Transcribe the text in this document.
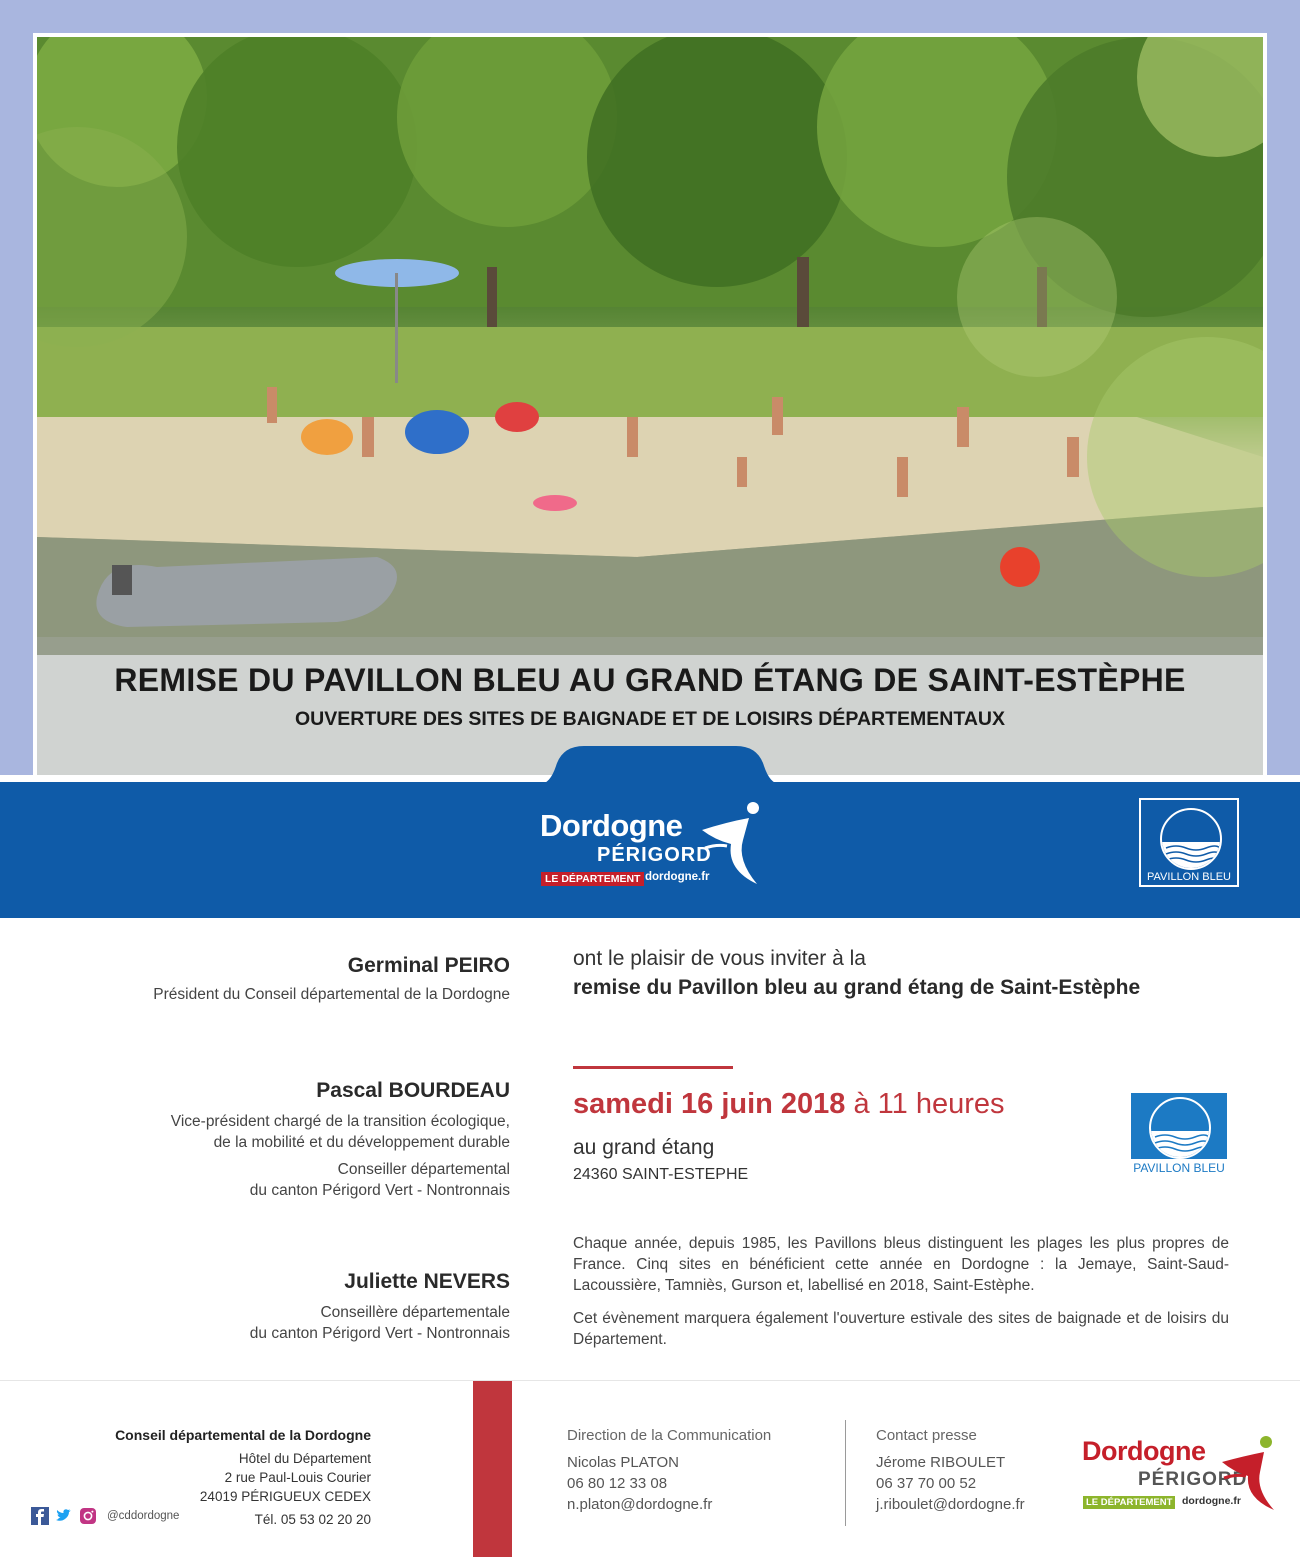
REMISE DU PAVILLON BLEU AU GRAND ÉTANG DE SAINT-ESTÈPHE
OUVERTURE DES SITES DE BAIGNADE ET DE LOISIRS DÉPARTEMENTAUX
Dordogne
PÉRIGORD
LE DÉPARTEMENT dordogne.fr	PAVILLON BLEU
Germinal PEIRO
Président du Conseil départemental de la Dordogne
Pascal BOURDEAU
Vice-président chargé de la transition écologique,
de la mobilité et du développement durable
Conseiller départemental
du canton Périgord Vert - Nontronnais
Juliette NEVERS
Conseillère départementale
du canton Périgord Vert - Nontronnais
ont le plaisir de vous inviter à la
remise du Pavillon bleu au grand étang de Saint-Estèphe
samedi 16 juin 2018 à 11 heures
au grand étang
24360 SAINT-ESTEPHE	PAVILLON BLEU
Chaque année, depuis 1985, les Pavillons bleus distinguent les plages les plus propres de France. Cinq sites en bénéficient cette année en Dordogne : la Jemaye, Saint-Saud-Lacoussière, Tamniès, Gurson et, labellisé en 2018, Saint-Estèphe.
Cet évènement marquera également l'ouverture estivale des sites de baignade et de loisirs du Département.
Conseil départemental de la Dordogne
Hôtel du Département
2 rue Paul-Louis Courier
24019 PÉRIGUEUX CEDEX
Tél. 05 53 02 20 20
@cddordogne
Direction de la Communication
Nicolas PLATON
06 80 12 33 08
n.platon@dordogne.fr
Contact presse
Jérome RIBOULET
06 37 70 00 52
j.riboulet@dordogne.fr
Dordogne
PÉRIGORD
LE DÉPARTEMENT dordogne.fr
